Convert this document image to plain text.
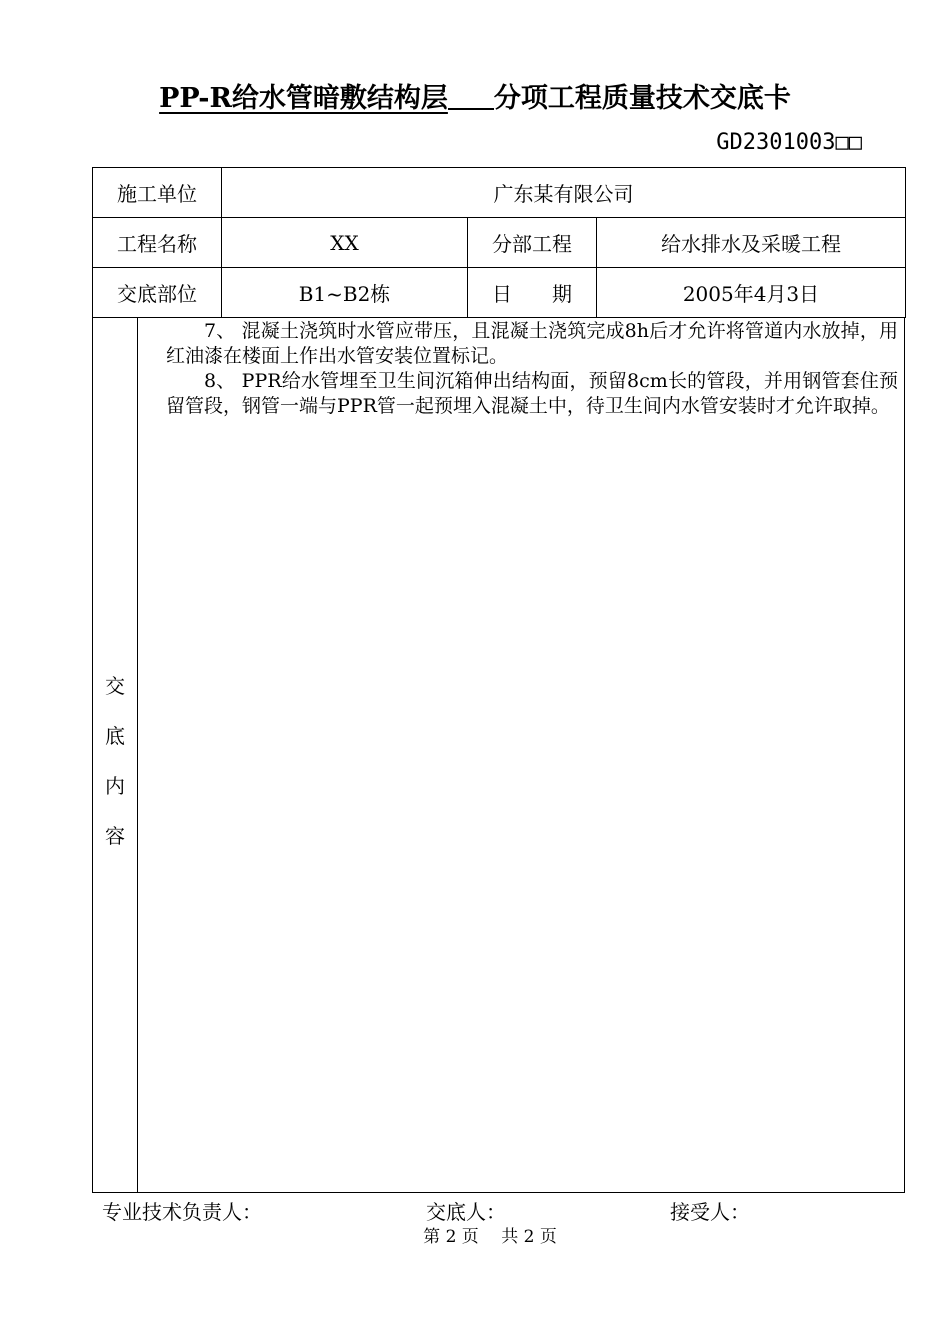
PP-R给水管暗敷结构层 分项工程质量技术交底卡
GD2301003□□
施工单位	广东某有限公司		
工程名称	XX	分部工程	给水排水及采暖工程
交底部位	B1~B2栋	日　　期	2005年4月3日
交
底
内
容

7、 混凝土浇筑时水管应带压，且混凝土浇筑完成8h后才允许将管道内水放掉，用红油漆在楼面上作出水管安装位置标记。

8、 PPR给水管埋至卫生间沉箱伸出结构面，预留8cm长的管段，并用钢管套住预留管段，钢管一端与PPR管一起预埋入混凝土中，待卫生间内水管安装时才允许取掉。

专业技术负责人：	交底人：	接受人：
第 2 页　 共 2 页
